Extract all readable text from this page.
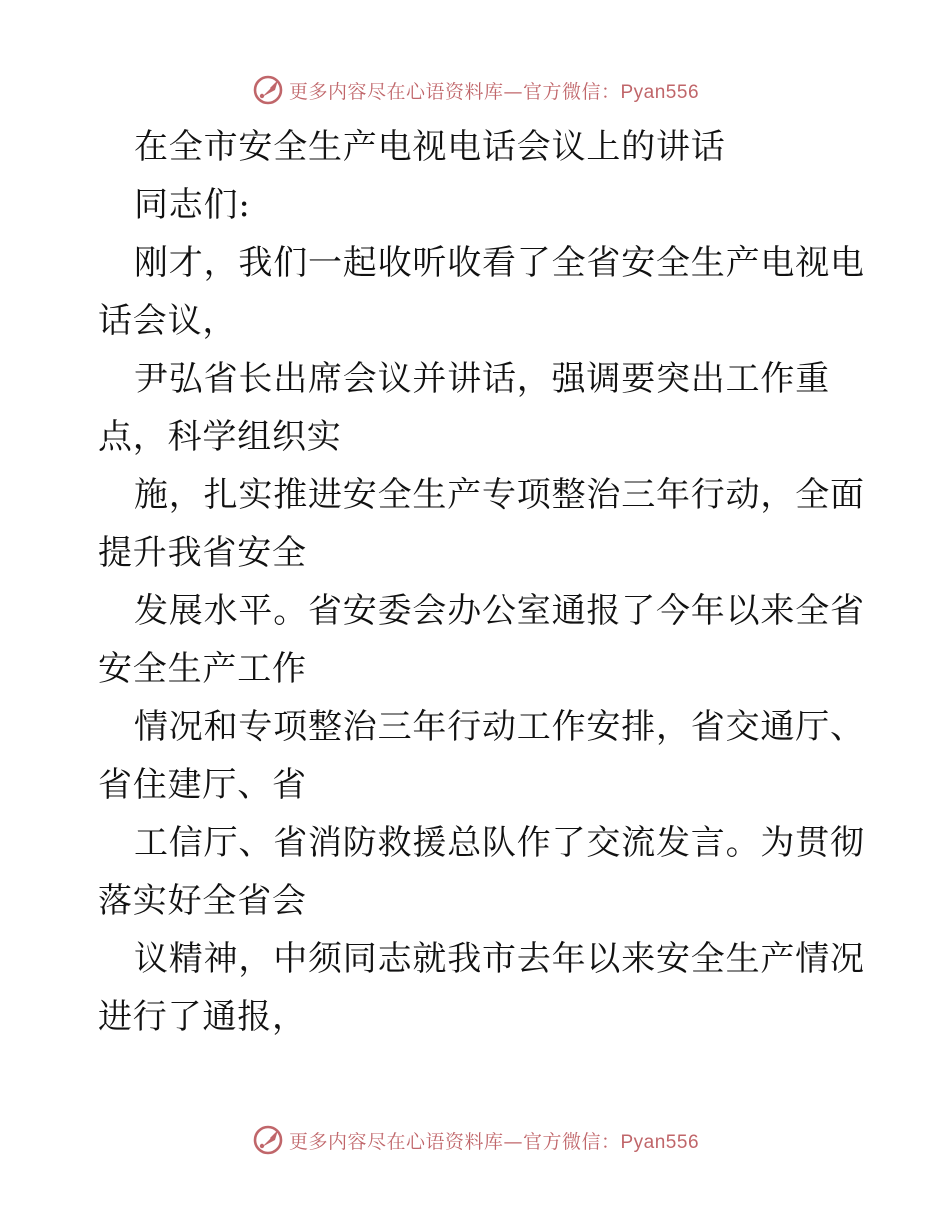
更多内容尽在心语资料库—官方微信：Pyan556
在全市安全生产电视电话会议上的讲话
同志们:
刚才，我们一起收听收看了全省安全生产电视电
话会议，
尹弘省长出席会议并讲话，强调要突出工作重
点，科学组织实
施，扎实推进安全生产专项整治三年行动，全面
提升我省安全
发展水平。省安委会办公室通报了今年以来全省
安全生产工作
情况和专项整治三年行动工作安排，省交通厅、
省住建厅、省
工信厅、省消防救援总队作了交流发言。为贯彻
落实好全省会
议精神，中须同志就我市去年以来安全生产情况
进行了通报，
更多内容尽在心语资料库—官方微信：Pyan556
